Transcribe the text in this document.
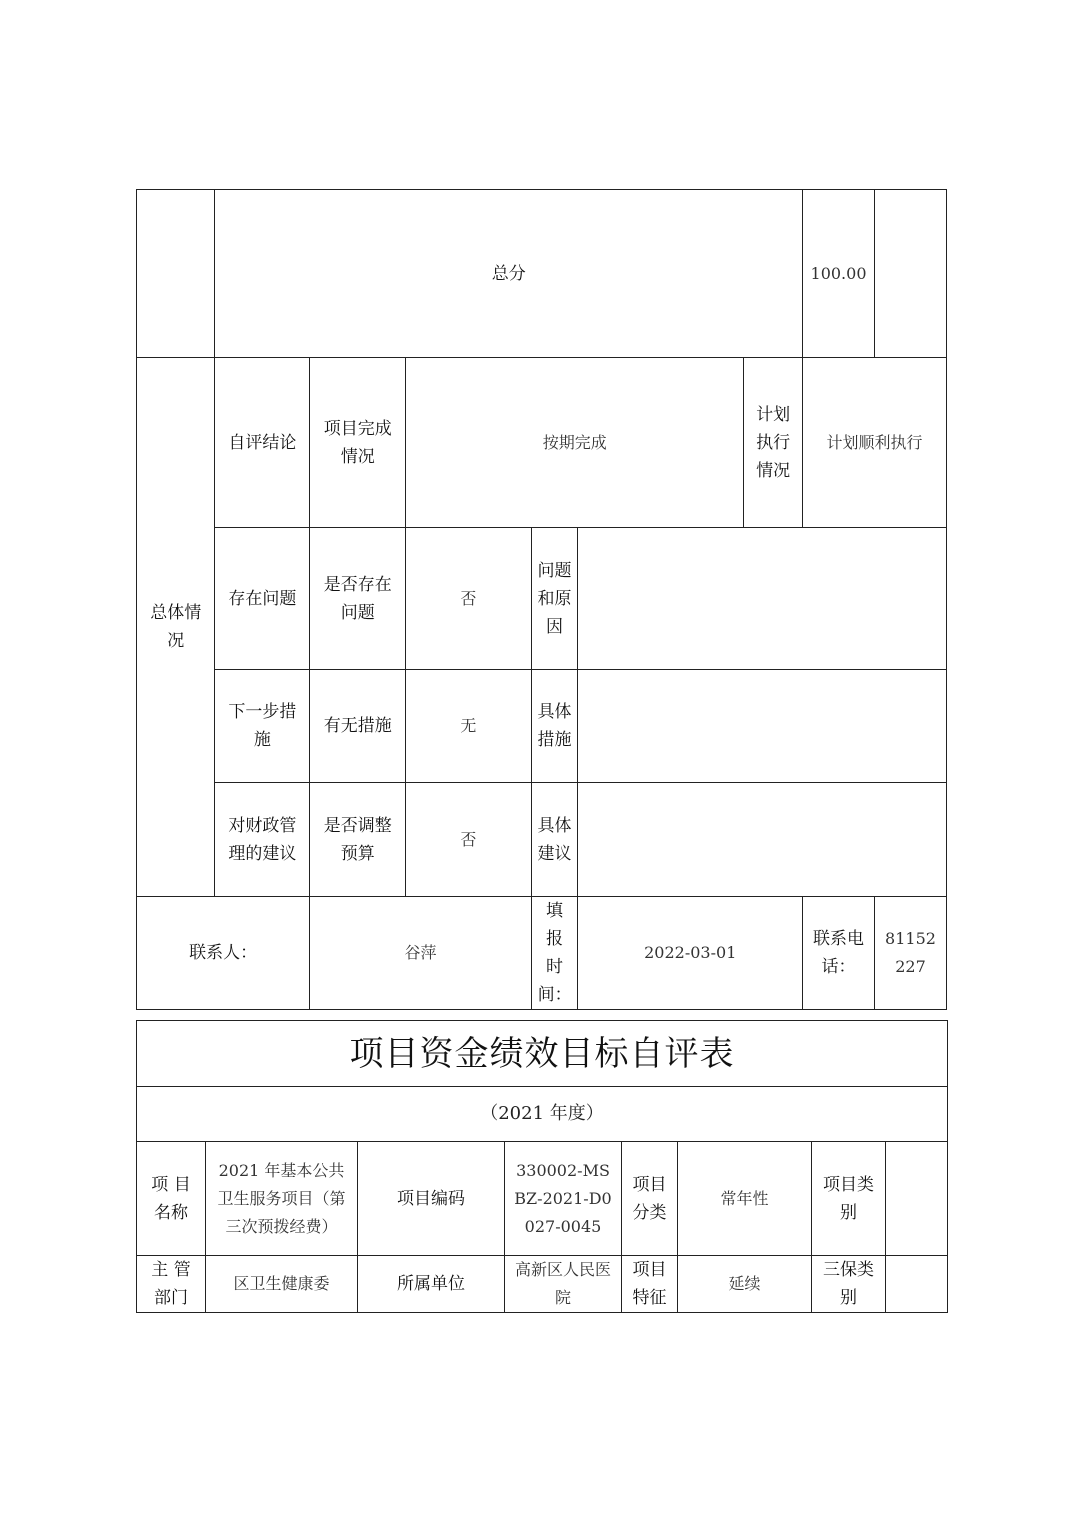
	总分						100.00	
总体情况	自评结论	项目完成情况	按期完成			计划执行情况	计划顺利执行	
	存在问题	是否存在问题	否	问题和原因				
	下一步措施	有无措施	无	具体措施				
	对财政管理的建议	是否调整预算	否	具体建议				
联系人：		谷萍		填报时间：	2022-03-01		联系电话：	81152227
项目资金绩效目标自评表							
（2021 年度）							
项 目名称	2021 年基本公共卫生服务项目（第三次预拨经费）	项目编码	330002-MSBZ-2021-D0027-0045	项目分类	常年性	项目类别	
主 管部门	区卫生健康委	所属单位	高新区人民医院	项目特征	延续	三保类别	
